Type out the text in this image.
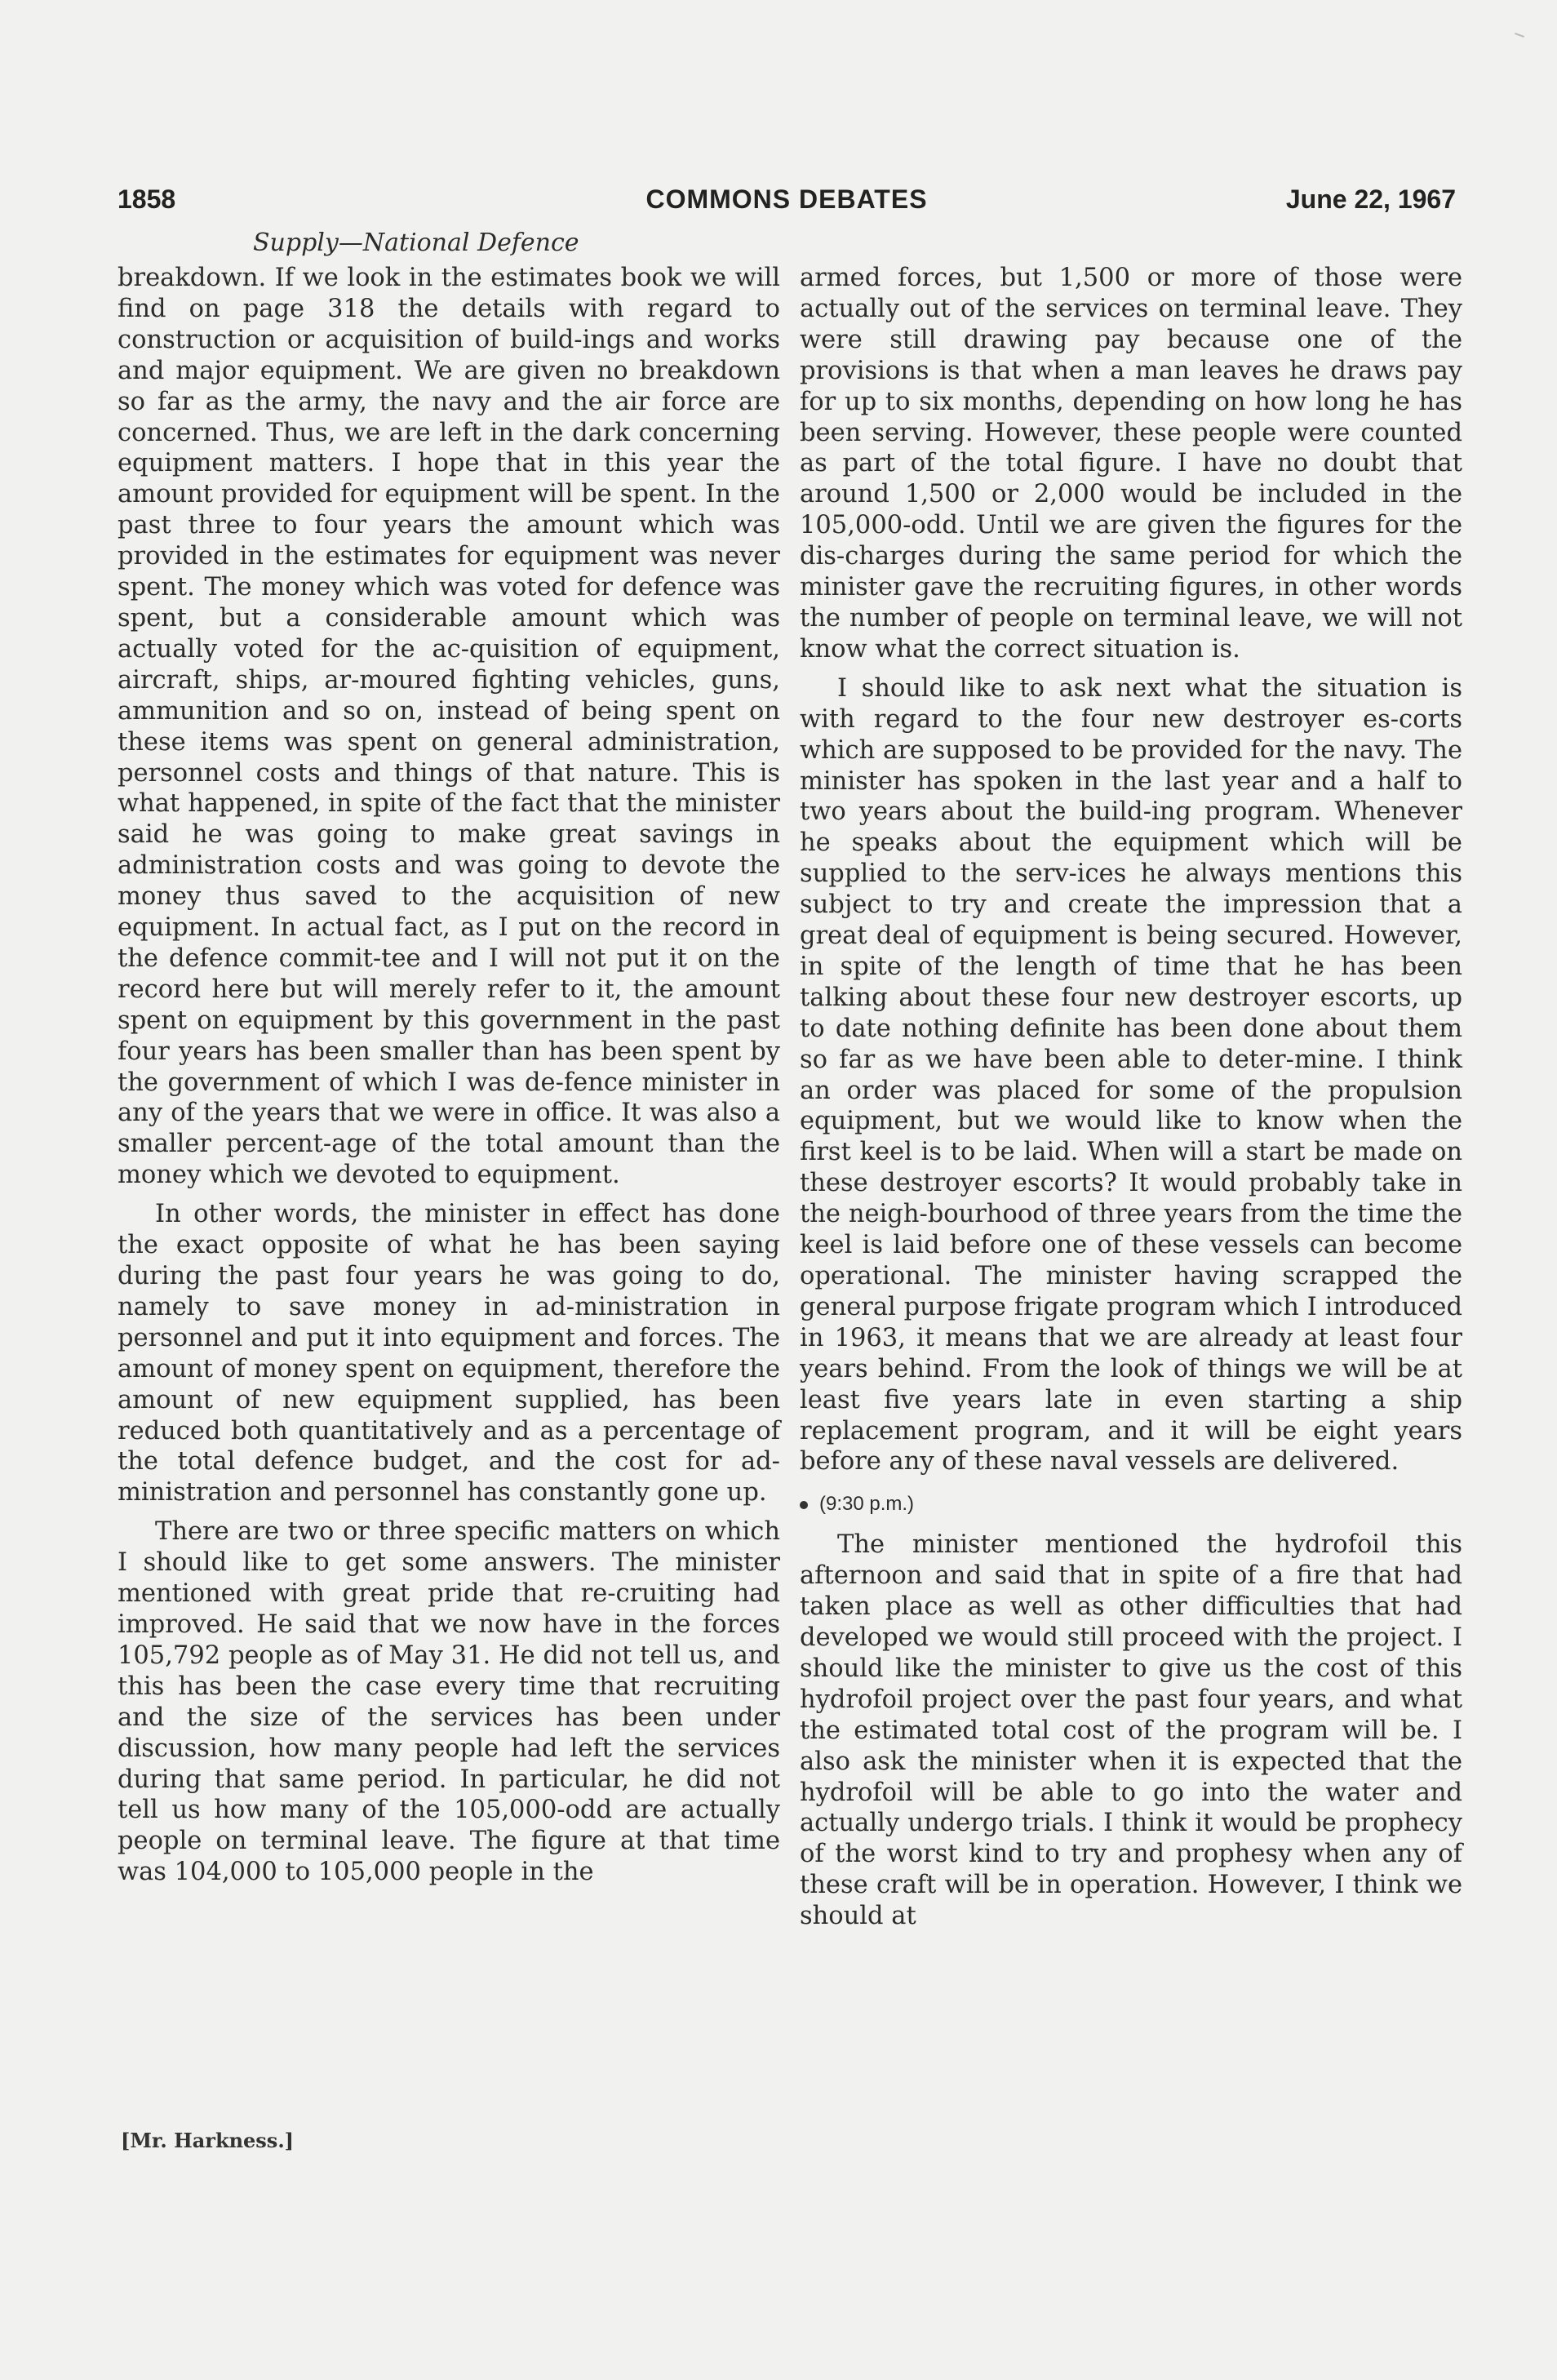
1858	COMMONS DEBATES	June 22, 1967
Supply—National Defence

breakdown. If we look in the estimates book we will find on page 318 the details with regard to construction or acquisition of build-ings and works and major equipment. We are given no breakdown so far as the army, the navy and the air force are concerned. Thus, we are left in the dark concerning equipment matters. I hope that in this year the amount provided for equipment will be spent. In the past three to four years the amount which was provided in the estimates for equipment was never spent. The money which was voted for defence was spent, but a considerable amount which was actually voted for the ac-quisition of equipment, aircraft, ships, ar-moured fighting vehicles, guns, ammunition and so on, instead of being spent on these items was spent on general administration, personnel costs and things of that nature. This is what happened, in spite of the fact that the minister said he was going to make great savings in administration costs and was going to devote the money thus saved to the acquisition of new equipment. In actual fact, as I put on the record in the defence commit-tee and I will not put it on the record here but will merely refer to it, the amount spent on equipment by this government in the past four years has been smaller than has been spent by the government of which I was de-fence minister in any of the years that we were in office. It was also a smaller percent-age of the total amount than the money which we devoted to equipment.

In other words, the minister in effect has done the exact opposite of what he has been saying during the past four years he was going to do, namely to save money in ad-ministration in personnel and put it into equipment and forces. The amount of money spent on equipment, therefore the amount of new equipment supplied, has been reduced both quantitatively and as a percentage of the total defence budget, and the cost for ad-ministration and personnel has constantly gone up.

There are two or three specific matters on which I should like to get some answers. The minister mentioned with great pride that re-cruiting had improved. He said that we now have in the forces 105,792 people as of May 31. He did not tell us, and this has been the case every time that recruiting and the size of the services has been under discussion, how many people had left the services during that same period. In particular, he did not tell us how many of the 105,000-odd are actually people on terminal leave. The figure at that time was 104,000 to 105,000 people in the

armed forces, but 1,500 or more of those were actually out of the services on terminal leave. They were still drawing pay because one of the provisions is that when a man leaves he draws pay for up to six months, depending on how long he has been serving. However, these people were counted as part of the total figure. I have no doubt that around 1,500 or 2,000 would be included in the 105,000-odd. Until we are given the figures for the dis-charges during the same period for which the minister gave the recruiting figures, in other words the number of people on terminal leave, we will not know what the correct situation is.

I should like to ask next what the situation is with regard to the four new destroyer es-corts which are supposed to be provided for the navy. The minister has spoken in the last year and a half to two years about the build-ing program. Whenever he speaks about the equipment which will be supplied to the serv-ices he always mentions this subject to try and create the impression that a great deal of equipment is being secured. However, in spite of the length of time that he has been talking about these four new destroyer escorts, up to date nothing definite has been done about them so far as we have been able to deter-mine. I think an order was placed for some of the propulsion equipment, but we would like to know when the first keel is to be laid. When will a start be made on these destroyer escorts? It would probably take in the neigh-bourhood of three years from the time the keel is laid before one of these vessels can become operational. The minister having scrapped the general purpose frigate program which I introduced in 1963, it means that we are already at least four years behind. From the look of things we will be at least five years late in even starting a ship replacement program, and it will be eight years before any of these naval vessels are delivered.

(9:30 p.m.)

The minister mentioned the hydrofoil this afternoon and said that in spite of a fire that had taken place as well as other difficulties that had developed we would still proceed with the project. I should like the minister to give us the cost of this hydrofoil project over the past four years, and what the estimated total cost of the program will be. I also ask the minister when it is expected that the hydrofoil will be able to go into the water and actually undergo trials. I think it would be prophecy of the worst kind to try and prophesy when any of these craft will be in operation. However, I think we should at

[Mr. Harkness.]
